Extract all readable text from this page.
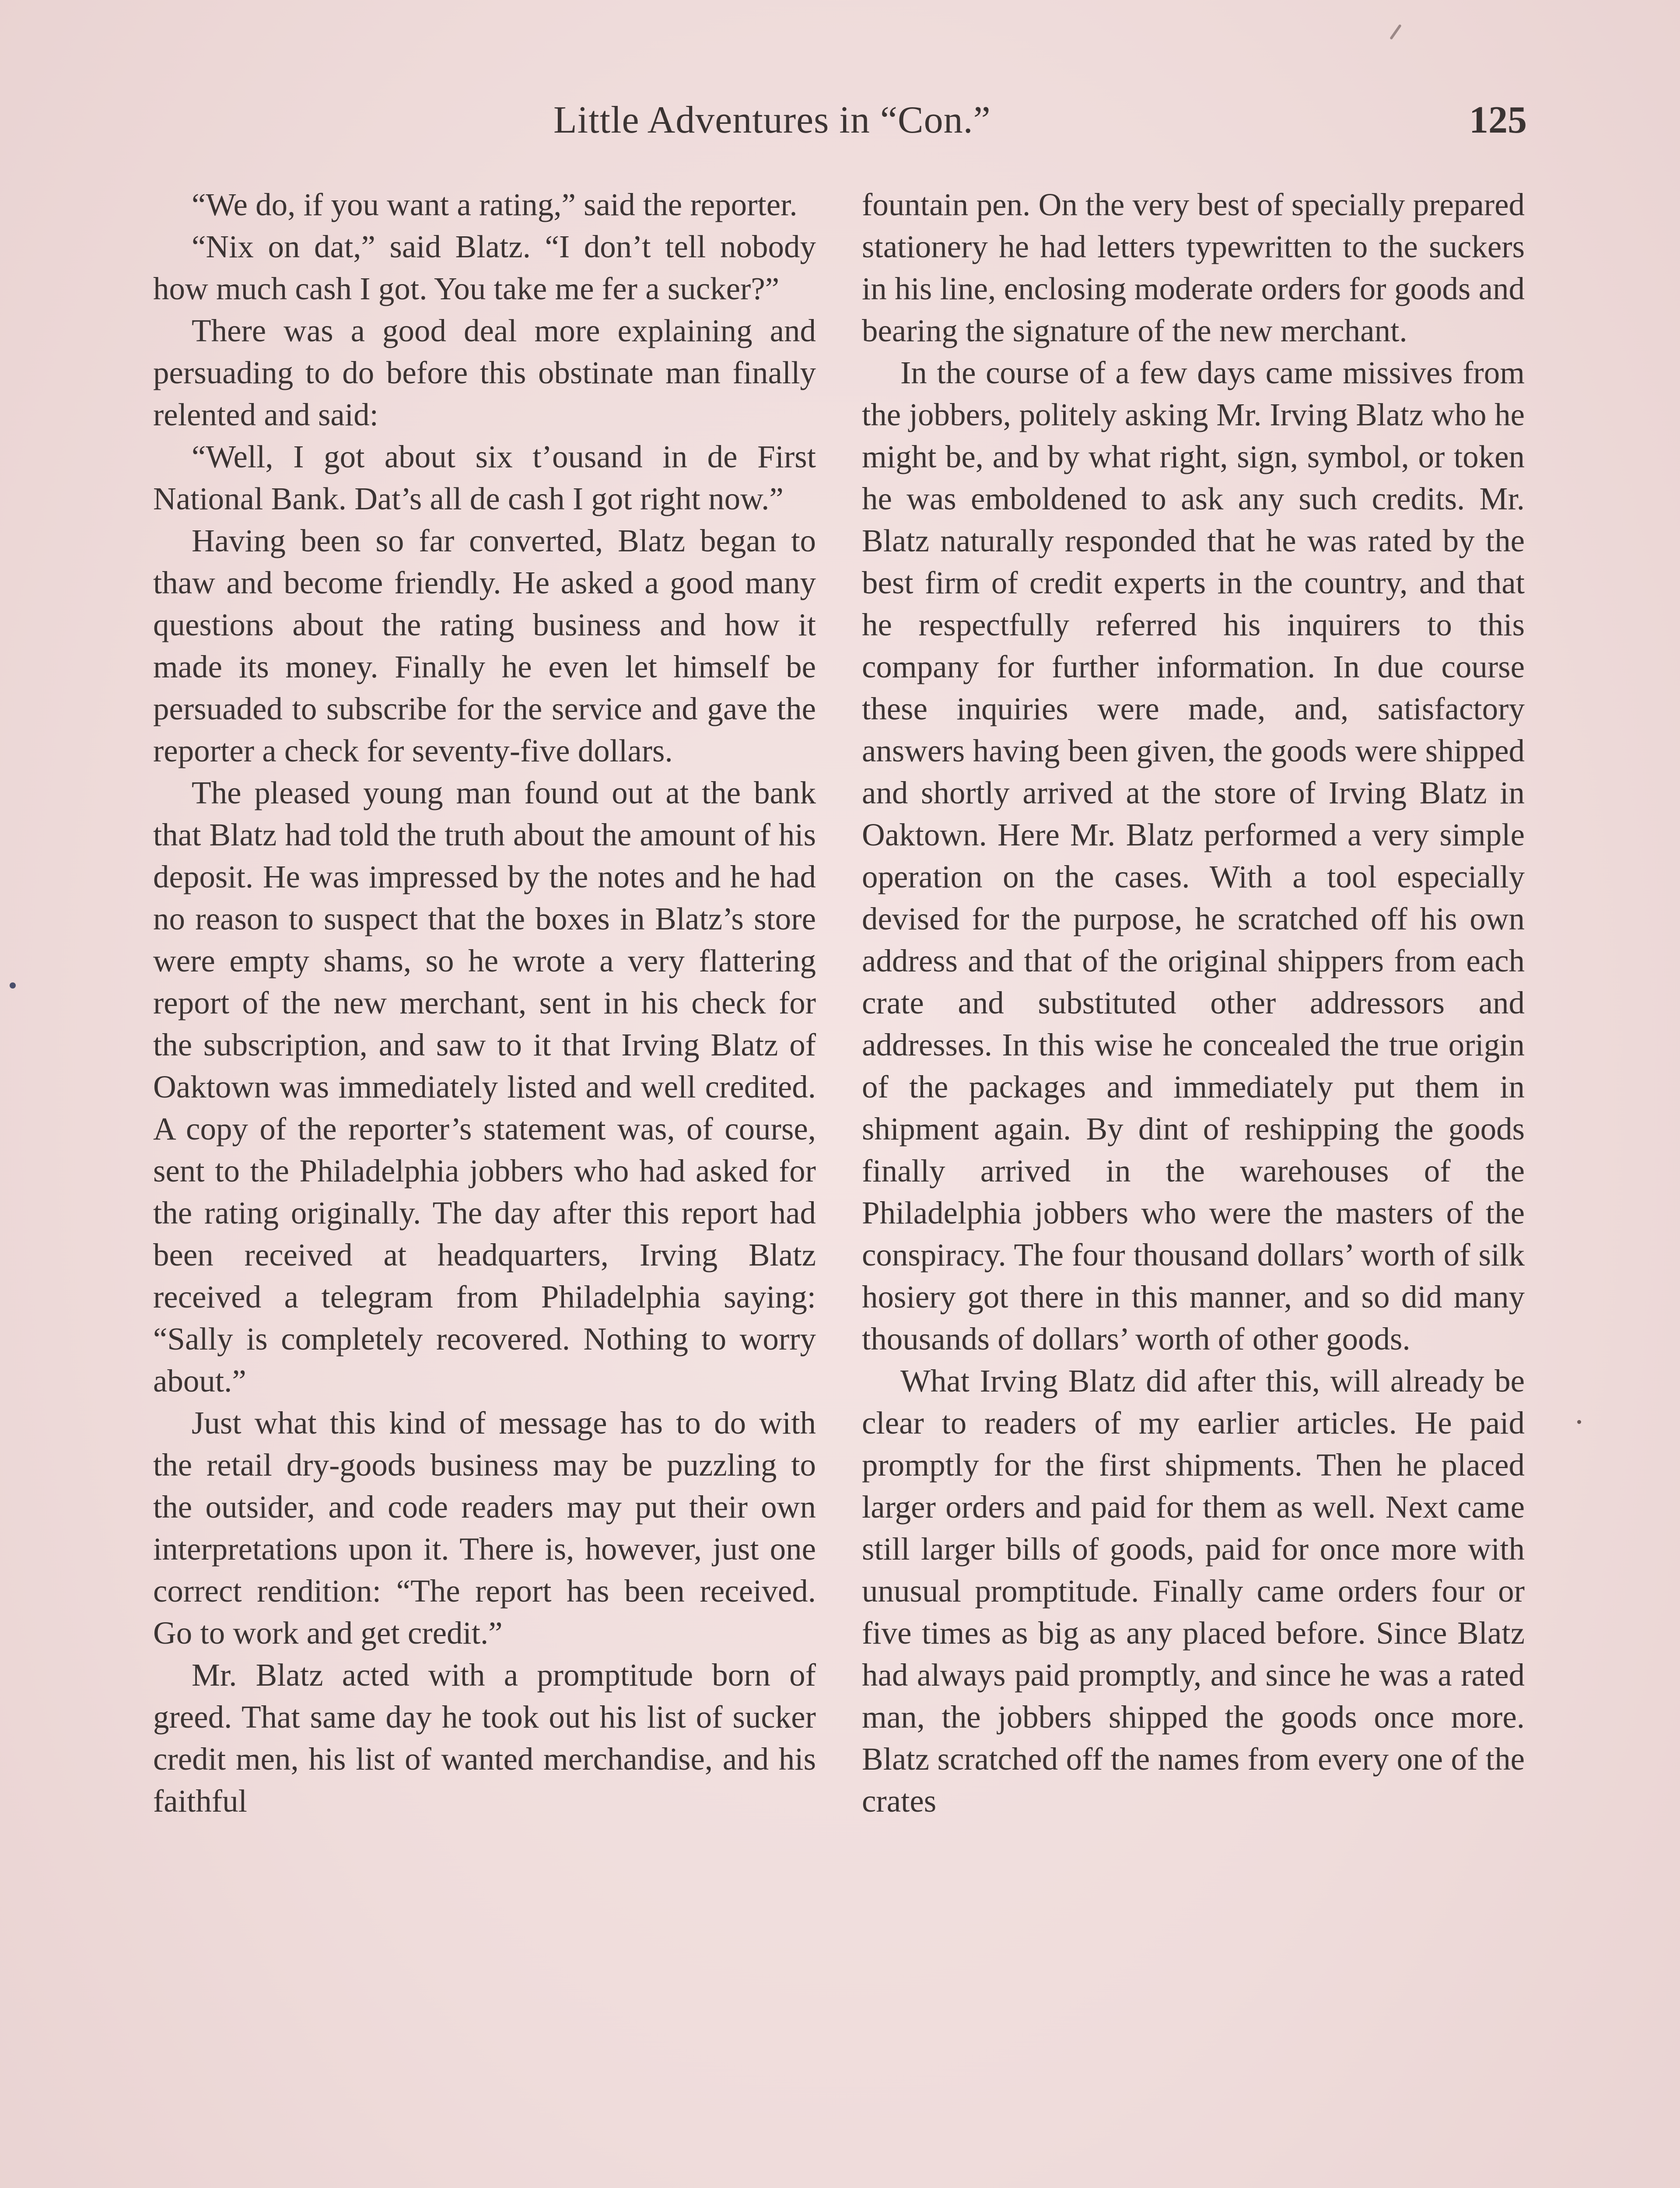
Little Adventures in “Con.”	125

“We do, if you want a rating,” said the reporter.

“Nix on dat,” said Blatz. “I don’t tell nobody how much cash I got. You take me fer a sucker?”

There was a good deal more explaining and persuading to do before this obstinate man finally relented and said:

“Well, I got about six t’ousand in de First National Bank. Dat’s all de cash I got right now.”

Having been so far converted, Blatz began to thaw and become friendly. He asked a good many questions about the rating business and how it made its money. Finally he even let himself be persuaded to subscribe for the service and gave the reporter a check for seventy-five dollars.

The pleased young man found out at the bank that Blatz had told the truth about the amount of his deposit. He was impressed by the notes and he had no reason to suspect that the boxes in Blatz’s store were empty shams, so he wrote a very flattering report of the new merchant, sent in his check for the subscription, and saw to it that Irving Blatz of Oaktown was immediately listed and well credited. A copy of the reporter’s statement was, of course, sent to the Philadelphia jobbers who had asked for the rating originally. The day after this report had been received at headquarters, Irving Blatz received a telegram from Philadelphia saying: “Sally is completely recovered. Nothing to worry about.”

Just what this kind of message has to do with the retail dry-goods business may be puzzling to the outsider, and code readers may put their own interpretations upon it. There is, however, just one correct rendition: “The report has been received. Go to work and get credit.”

Mr. Blatz acted with a promptitude born of greed. That same day he took out his list of sucker credit men, his list of wanted merchandise, and his faithful

fountain pen. On the very best of specially prepared stationery he had letters typewritten to the suckers in his line, enclosing moderate orders for goods and bearing the signature of the new merchant.

In the course of a few days came missives from the jobbers, politely asking Mr. Irving Blatz who he might be, and by what right, sign, symbol, or token he was emboldened to ask any such credits. Mr. Blatz naturally responded that he was rated by the best firm of credit experts in the country, and that he respectfully referred his inquirers to this company for further information. In due course these inquiries were made, and, satisfactory answers having been given, the goods were shipped and shortly arrived at the store of Irving Blatz in Oaktown. Here Mr. Blatz performed a very simple operation on the cases. With a tool especially devised for the purpose, he scratched off his own address and that of the original shippers from each crate and substituted other addressors and addresses. In this wise he concealed the true origin of the packages and immediately put them in shipment again. By dint of reshipping the goods finally arrived in the warehouses of the Philadelphia jobbers who were the masters of the conspiracy. The four thousand dollars’ worth of silk hosiery got there in this manner, and so did many thousands of dollars’ worth of other goods.

What Irving Blatz did after this, will already be clear to readers of my earlier articles. He paid promptly for the first shipments. Then he placed larger orders and paid for them as well. Next came still larger bills of goods, paid for once more with unusual promptitude. Finally came orders four or five times as big as any placed before. Since Blatz had always paid promptly, and since he was a rated man, the jobbers shipped the goods once more. Blatz scratched off the names from every one of the crates
